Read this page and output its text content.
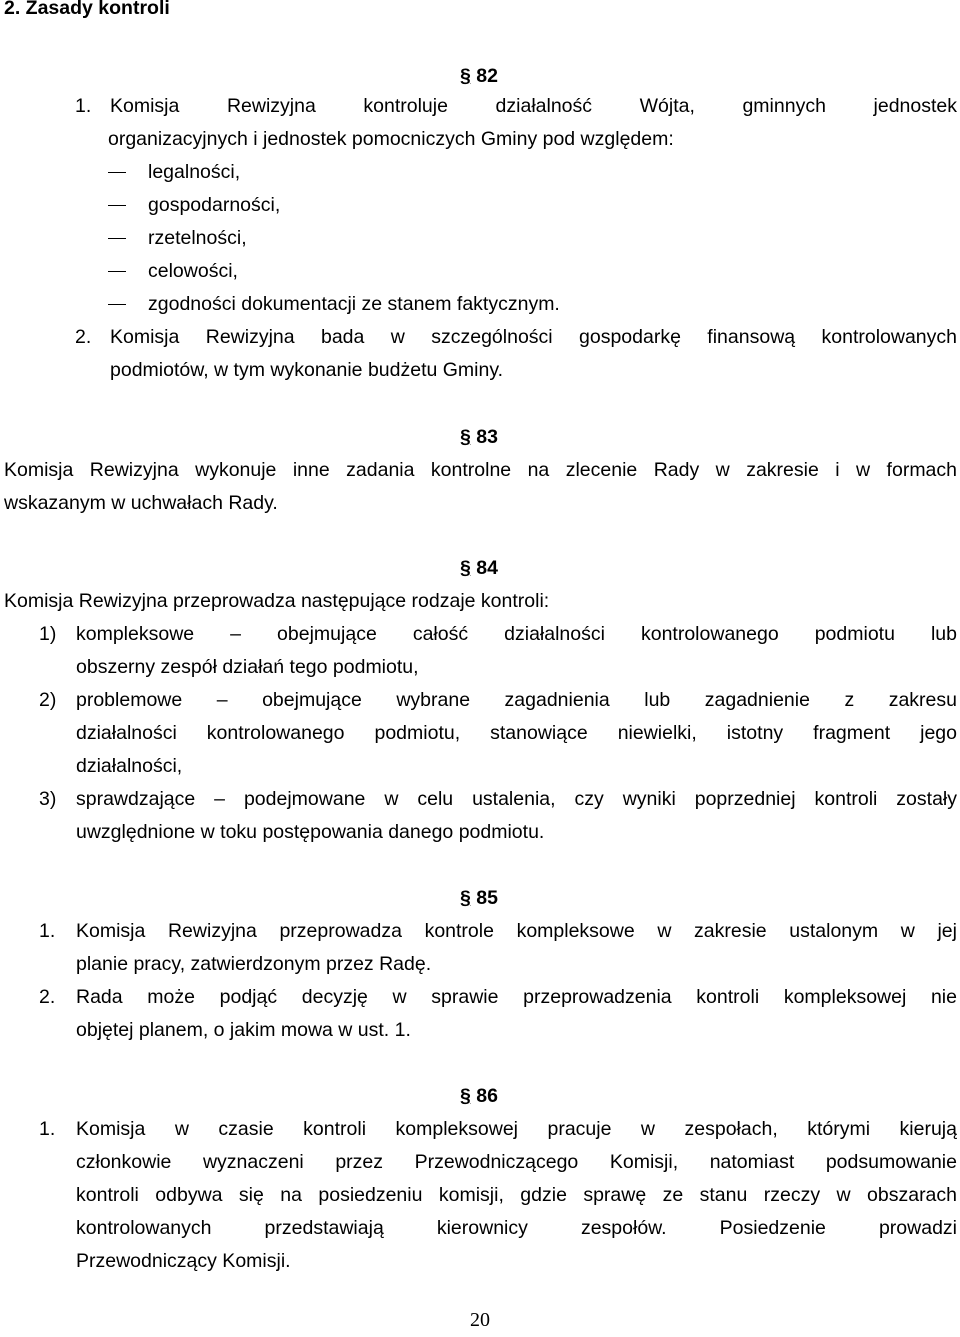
2. Zasady kontroli
§ 82
1. Komisja Rewizyjna kontroluje działalność Wójta, gminnych jednostek
organizacyjnych i jednostek pomocniczych Gminy pod względem:
legalności,
gospodarności,
rzetelności,
celowości,
zgodności dokumentacji ze stanem faktycznym.
2. Komisja Rewizyjna bada w szczególności gospodarkę finansową kontrolowanych
podmiotów, w tym wykonanie budżetu Gminy.
§ 83
Komisja Rewizyjna wykonuje inne zadania kontrolne na zlecenie Rady w zakresie i w formach
wskazanym w uchwałach Rady.
§ 84
Komisja Rewizyjna przeprowadza następujące rodzaje kontroli:
1)	kompleksowe – obejmujące całość działalności kontrolowanego podmiotu lub
obszerny zespół działań tego podmiotu,
2)	problemowe – obejmujące wybrane zagadnienia lub zagadnienie z zakresu
działalności kontrolowanego podmiotu, stanowiące niewielki, istotny fragment jego
działalności,
3)	sprawdzające – podejmowane w celu ustalenia, czy wyniki poprzedniej kontroli zostały
uwzględnione w toku postępowania danego podmiotu.
§ 85
1.	Komisja Rewizyjna przeprowadza kontrole kompleksowe w zakresie ustalonym w jej
planie pracy, zatwierdzonym przez Radę.
2.	Rada może podjąć decyzję w sprawie przeprowadzenia kontroli kompleksowej nie
objętej planem, o jakim mowa w ust. 1.
§ 86
1.	Komisja w czasie kontroli kompleksowej pracuje w zespołach, którymi kierują
członkowie wyznaczeni przez Przewodniczącego Komisji, natomiast podsumowanie
kontroli odbywa się na posiedzeniu komisji, gdzie sprawę ze stanu rzeczy w obszarach
kontrolowanych przedstawiają kierownicy zespołów. Posiedzenie prowadzi
Przewodniczący Komisji.
20
